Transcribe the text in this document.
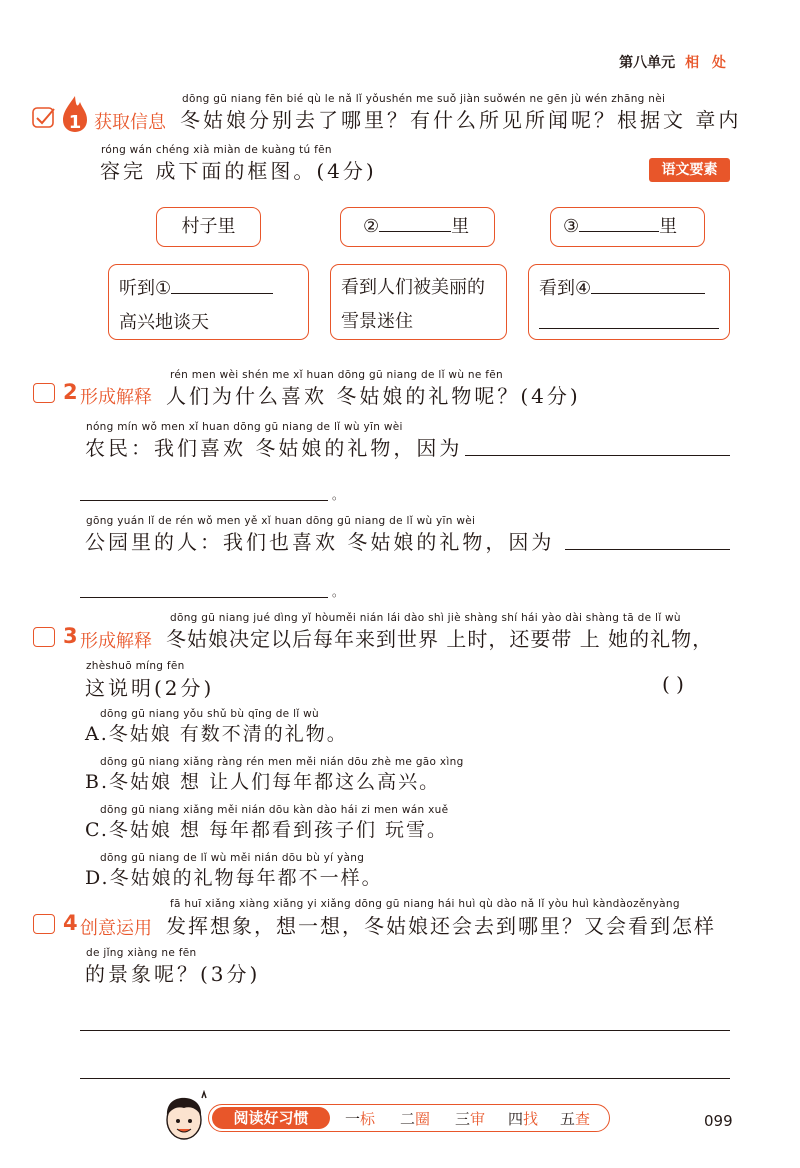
第八单元 相 处
1 获取信息
dōng gū niang fēn bié qù le nǎ lǐ yǒushén me suǒ jiàn suǒwén ne gēn jù wén zhāng nèi
冬姑娘分别去了哪里？有什么所见所闻呢？根据文 章内
róng wán chéng xià miàn de kuàng tú fēn
容完 成下面的框图。(4分)	语文要素
村子里	②	里	③	里
听到①
高兴地谈天
看到人们被美丽的
雪景迷住
看到④
2 形成解释
rén men wèi shén me xǐ huan dōng gū niang de lǐ wù ne fēn
人们为什么喜欢 冬姑娘的礼物呢？(4分)
nóng mín wǒ men xǐ huan dōng gū niang de lǐ wù yīn wèi
农民：我们喜欢 冬姑娘的礼物，因为
。
gōng yuán lǐ de rén wǒ men yě xǐ huan dōng gū niang de lǐ wù yīn wèi
公园里的人：我们也喜欢 冬姑娘的礼物，因为
。
3 形成解释
dōng gū niang jué dìng yǐ hòuměi nián lái dào shì jiè shàng shí hái yào dài shàng tā de lǐ wù
冬姑娘决定以后每年来到世界 上时，还要带 上 她的礼物，
zhèshuō míng fēn
这说明(2分)	( )
dōng gū niang yǒu shǔ bù qīng de lǐ wù
A.冬姑娘 有数不清的礼物。
dōng gū niang xiǎng ràng rén men měi nián dōu zhè me gāo xìng
B.冬姑娘 想 让人们每年都这么高兴。
dōng gū niang xiǎng měi nián dōu kàn dào hái zi men wán xuě
C.冬姑娘 想 每年都看到孩子们 玩雪。
dōng gū niang de lǐ wù měi nián dōu bù yí yàng
D.冬姑娘的礼物每年都不一样。
4 创意运用
fā huī xiǎng xiàng xiǎng yi xiǎng dōng gū niang hái huì qù dào nǎ lǐ yòu huì kàndàozěnyàng
发挥想象，想一想，冬姑娘还会去到哪里？又会看到怎样
de jǐng xiàng ne fēn
的景象呢？(3分)
阅读好习惯	一标 二圈 三审 四找 五查	099
